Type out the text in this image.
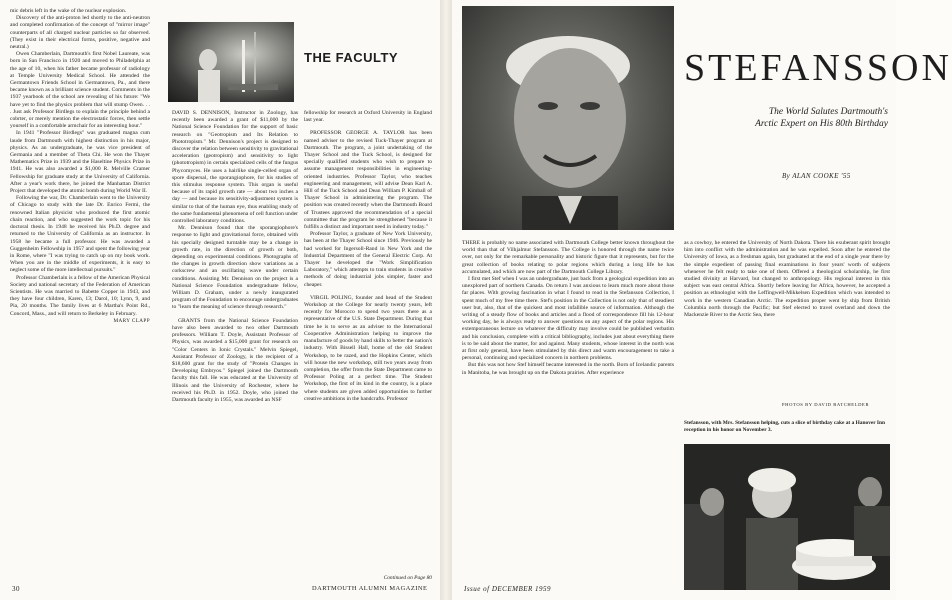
mic debris left in the wake of the nuclear explosion.

Discovery of the anti-proton led shortly to the anti-neutron and completed confirmation of the concept of "mirror image" counterparts of all charged nuclear particles so far observed. (They exist in their electrical forms, positive, negative and neutral.)

Owen Chamberlain, Dartmouth's first Nobel Laureate, was born in San Francisco in 1920 and moved to Philadelphia at the age of 10, when his father became professor of radiology at Temple University Medical School. He attended the Germantown Friends School in Germantown, Pa., and there became known as a brilliant science student. Comments in the 1937 yearbook of the school are revealing of his future: "We have yet to find the physics problem that will stump Owen. . . . Just ask Professor Birdlegs to explain the principle behind a cobrter, or merely mention the electrostatic forces, then settle yourself in a comfortable armchair for an interesting hour."

In 1941 "Professor Birdlegs" was graduated magna cum laude from Dartmouth with highest distinction in his major, physics. As an undergraduate, he was vice president of Germania and a member of Theta Chi. He won the Thayer Mathematics Prize in 1939 and the Haseltine Physics Prize in 1941. He was also awarded a $1,000 R. Melville Cramer Fellowship for graduate study at the University of California. After a year's work there, he joined the Manhattan District Project that developed the atomic bomb during World War II.

Following the war, Dr. Chamberlain went to the University of Chicago to study with the late Dr. Enrico Fermi, the renowned Italian physicist who produced the first atomic chain reaction, and who suggested the work topic for his doctoral thesis. In 1948 he received his Ph.D. degree and returned to the University of California as an instructor. In 1958 he became a full professor. He was awarded a Guggenheim Fellowship in 1957 and spent the following year in Rome, where "I was trying to catch up on my book work. When you are in the middle of experiments, it is easy to neglect some of the more intellectual pursuits."

Professor Chamberlain is a fellow of the American Physical Society and national secretary of the Federation of American Scientists. He was married to Babette Copper in 1943, and they have four children, Karen, 13; Darol, 10; Lynn, 9, and Pia, 20 months. The family lives at 6 Martha's Point Rd., Concord, Mass., and will return to Berkeley in February.

MARY CLAPP
THE FACULTY

DAVID S. DENNISON, Instructor in Zoology, has recently been awarded a grant of $11,000 by the National Science Foundation for the support of basic research on "Geotropism and Its Relation to Phototropism." Mr. Dennison's project is designed to discover the relation between sensitivity to gravitational acceleration (geotropism) and sensitivity to light (phototropism) in certain specialized cells of the fungus Phycomyces. He uses a hairlike single-celled organ of spore dispersal, the sporangiophore, for his studies of this stimulus response system. This organ is useful because of its rapid growth rate — about two inches a day — and because its sensitivity-adjustment system is similar to that of the human eye, thus enabling study of the same fundamental phenomena of cell function under controlled laboratory conditions.

Mr. Dennison found that the sporangiophore's response to light and gravitational force, obtained with his specially designed turntable may be a change in growth rate, in the direction of growth or both, depending on experimental conditions. Photographs of the changes in growth direction show variations as a corkscrew and an oscillating wave under certain conditions. Assisting Mr. Dennison on the project is a National Science Foundation undergraduate fellow, William D. Graham, under a newly inaugurated program of the Foundation to encourage undergraduates to "learn the meaning of science through research."

GRANTS from the National Science Foundation have also been awarded to two other Dartmouth professors. William T. Doyle, Assistant Professor of Physics, was awarded a $15,000 grant for research on "Color Centers in Ionic Crystals." Melvin Spiegel, Assistant Professor of Zoology, is the recipient of a $18,600 grant for the study of "Protein Changes in Developing Embryos." Spiegel joined the Dartmouth faculty this fall. He was educated at the University of Illinois and the University of Rochester, where he received his Ph.D. in 1952. Doyle, who joined the Dartmouth faculty in 1955, was awarded an NSF

fellowship for research at Oxford University in England last year.

PROFESSOR GEORGE A. TAYLOR has been named adviser to the revised Tuck-Thayer program at Dartmouth. The program, a joint undertaking of the Thayer School and the Tuck School, is designed for specially qualified students who wish to prepare to assume management responsibilities in engineering-oriented industries. Professor Taylor, who teaches engineering and management, will advise Dean Karl A. Hill of the Tuck School and Dean William P. Kimball of Thayer School in administering the program. The position was created recently when the Dartmouth Board of Trustees approved the recommendation of a special committee that the program be strengthened "because it fulfills a distinct and important need in industry today."

Professor Taylor, a graduate of New York University, has been at the Thayer School since 1946. Previously he had worked for Ingersoll-Rand in New York and the Industrial Department of the General Electric Corp. At Thayer he developed the "Work Simplification Laboratory," which attempts to train students in creative methods of doing industrial jobs simpler, faster and cheaper.

VIRGIL POLING, founder and head of the Student Workshop at the College for nearly twenty years, left recently for Morocco to spend two years there as a representative of the U.S. State Department. During that time he is to serve as an adviser to the International Cooperative Administration helping to improve the manufacture of goods by hand skills to better the nation's industry. With Bissell Hall, home of the old Student Workshop, to be razed, and the Hopkins Center, which will house the new workshop, still two years away from completion, the offer from the State Department came to Professor Poling at a perfect time. The Student Workshop, the first of its kind in the country, is a place where students are given added opportunities to further creative ambitions in the handcrafts. Professor

Continued on Page 80
30	DARTMOUTH ALUMNI MAGAZINE
STEFANSSON
The World Salutes Dartmouth's
Arctic Expert on His 80th Birthday
By ALAN COOKE '55

THERE is probably no name associated with Dartmouth College better known throughout the world than that of Vilhjalmur Stefansson. The College is honored through the name twice over, not only for the remarkable personality and historic figure that it represents, but for the great collection of books relating to polar regions which during a long life he has accumulated, and which are now part of the Dartmouth College Library.

I first met Stef when I was an undergraduate, just back from a geological expedition into an unexplored part of northern Canada. On return I was anxious to learn much more about those far places. With growing fascination in what I found to read in the Stefansson Collection, I spent much of my free time there. Stef's position in the Collection is not only that of steadiest user but, also, that of the quickest and most infallible source of information. Although the writing of a steady flow of books and articles and a flood of correspondence fill his 12-hour working day, he is always ready to answer questions on any aspect of the polar regions. His extemporaneous lecture on whatever the difficulty may involve could be published verbatim and his conclusion, complete with a critical bibliography, includes just about everything there is to be said about the matter, for and against. Many students, whose interest in the north was at first only general, have been stimulated by this direct and warm encouragement to take a personal, continuing and specialized concern in northern problems.

But this was not how Stef himself became interested in the north. Born of Icelandic parents in Manitoba, he was brought up on the Dakota prairies. After experience

as a cowboy, he entered the University of North Dakota. There his exuberant spirit brought him into conflict with the administration and he was expelled. Soon after he entered the University of Iowa, as a freshman again, but graduated at the end of a single year there by the simple expedient of passing final examinations in four years' worth of subjects whenever he felt ready to take one of them. Offered a theological scholarship, he first studied divinity at Harvard, but changed to anthropology. His regional interest in this subject was east central Africa. Shortly before leaving for Africa, however, he accepted a position as ethnologist with the Leffingwell-Mikkelsen Expedition which was intended to work in the western Canadian Arctic. The expedition proper went by ship from British Columbia north through the Pacific; but Stef elected to travel overland and down the Mackenzie River to the Arctic Sea, there

PHOTOS BY DAVID BATCHELDER
Stefansson, with Mrs. Stefansson helping, cuts a slice of birthday cake at a Hanover Inn reception in his honor on November 3.
Issue of DECEMBER 1959
